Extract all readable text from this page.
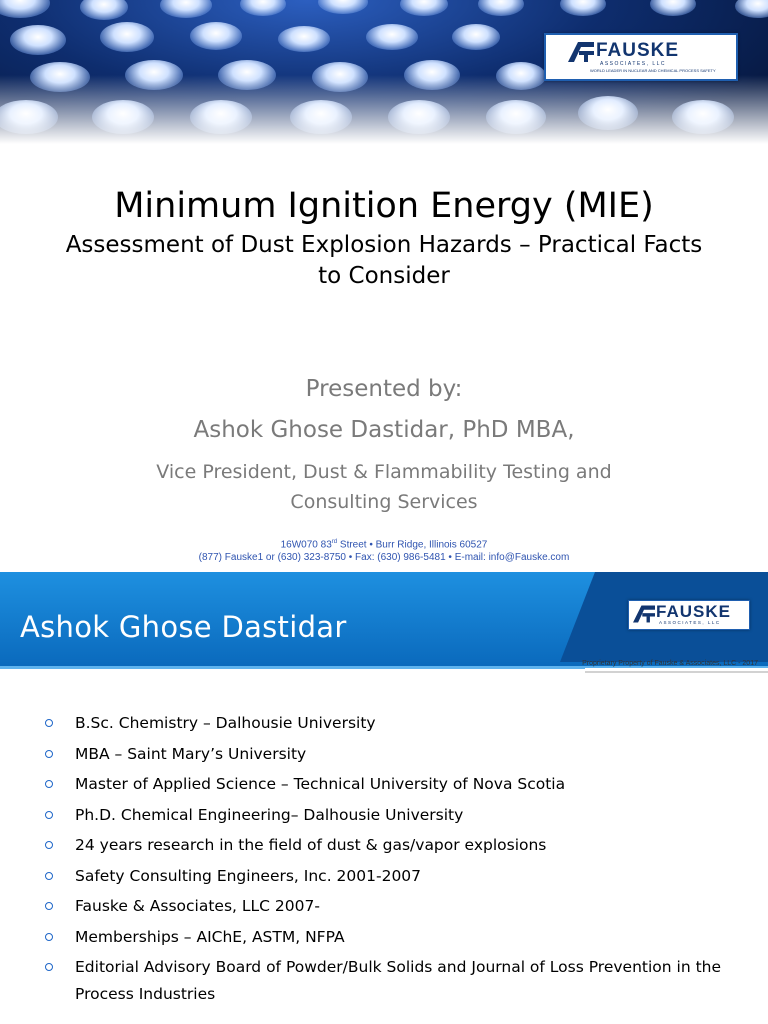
FAUSKE
ASSOCIATES, LLC
WORLD LEADER IN NUCLEAR AND CHEMICAL PROCESS SAFETY
Minimum Ignition Energy (MIE)
Assessment of Dust Explosion Hazards – Practical Facts to Consider
Presented by:
Ashok Ghose Dastidar, PhD MBA,
Vice President, Dust & Flammability Testing and Consulting Services
16W070 83rd Street • Burr Ridge, Illinois 60527
(877) Fauske1 or (630) 323-8750 • Fax: (630) 986-5481 • E-mail: info@Fauske.com
Ashok Ghose Dastidar	FAUSKE
ASSOCIATES, LLC
Proprietary Property of Fauske & Associates, LLC - 2017
B.Sc. Chemistry – Dalhousie University
MBA – Saint Mary’s University
Master of Applied Science – Technical University of Nova Scotia
Ph.D. Chemical Engineering– Dalhousie University
24 years research in the field of dust & gas/vapor explosions
Safety Consulting Engineers, Inc. 2001-2007
Fauske & Associates, LLC 2007-
Memberships – AIChE, ASTM, NFPA
Editorial Advisory Board of Powder/Bulk Solids and Journal of Loss Prevention in the Process Industries
